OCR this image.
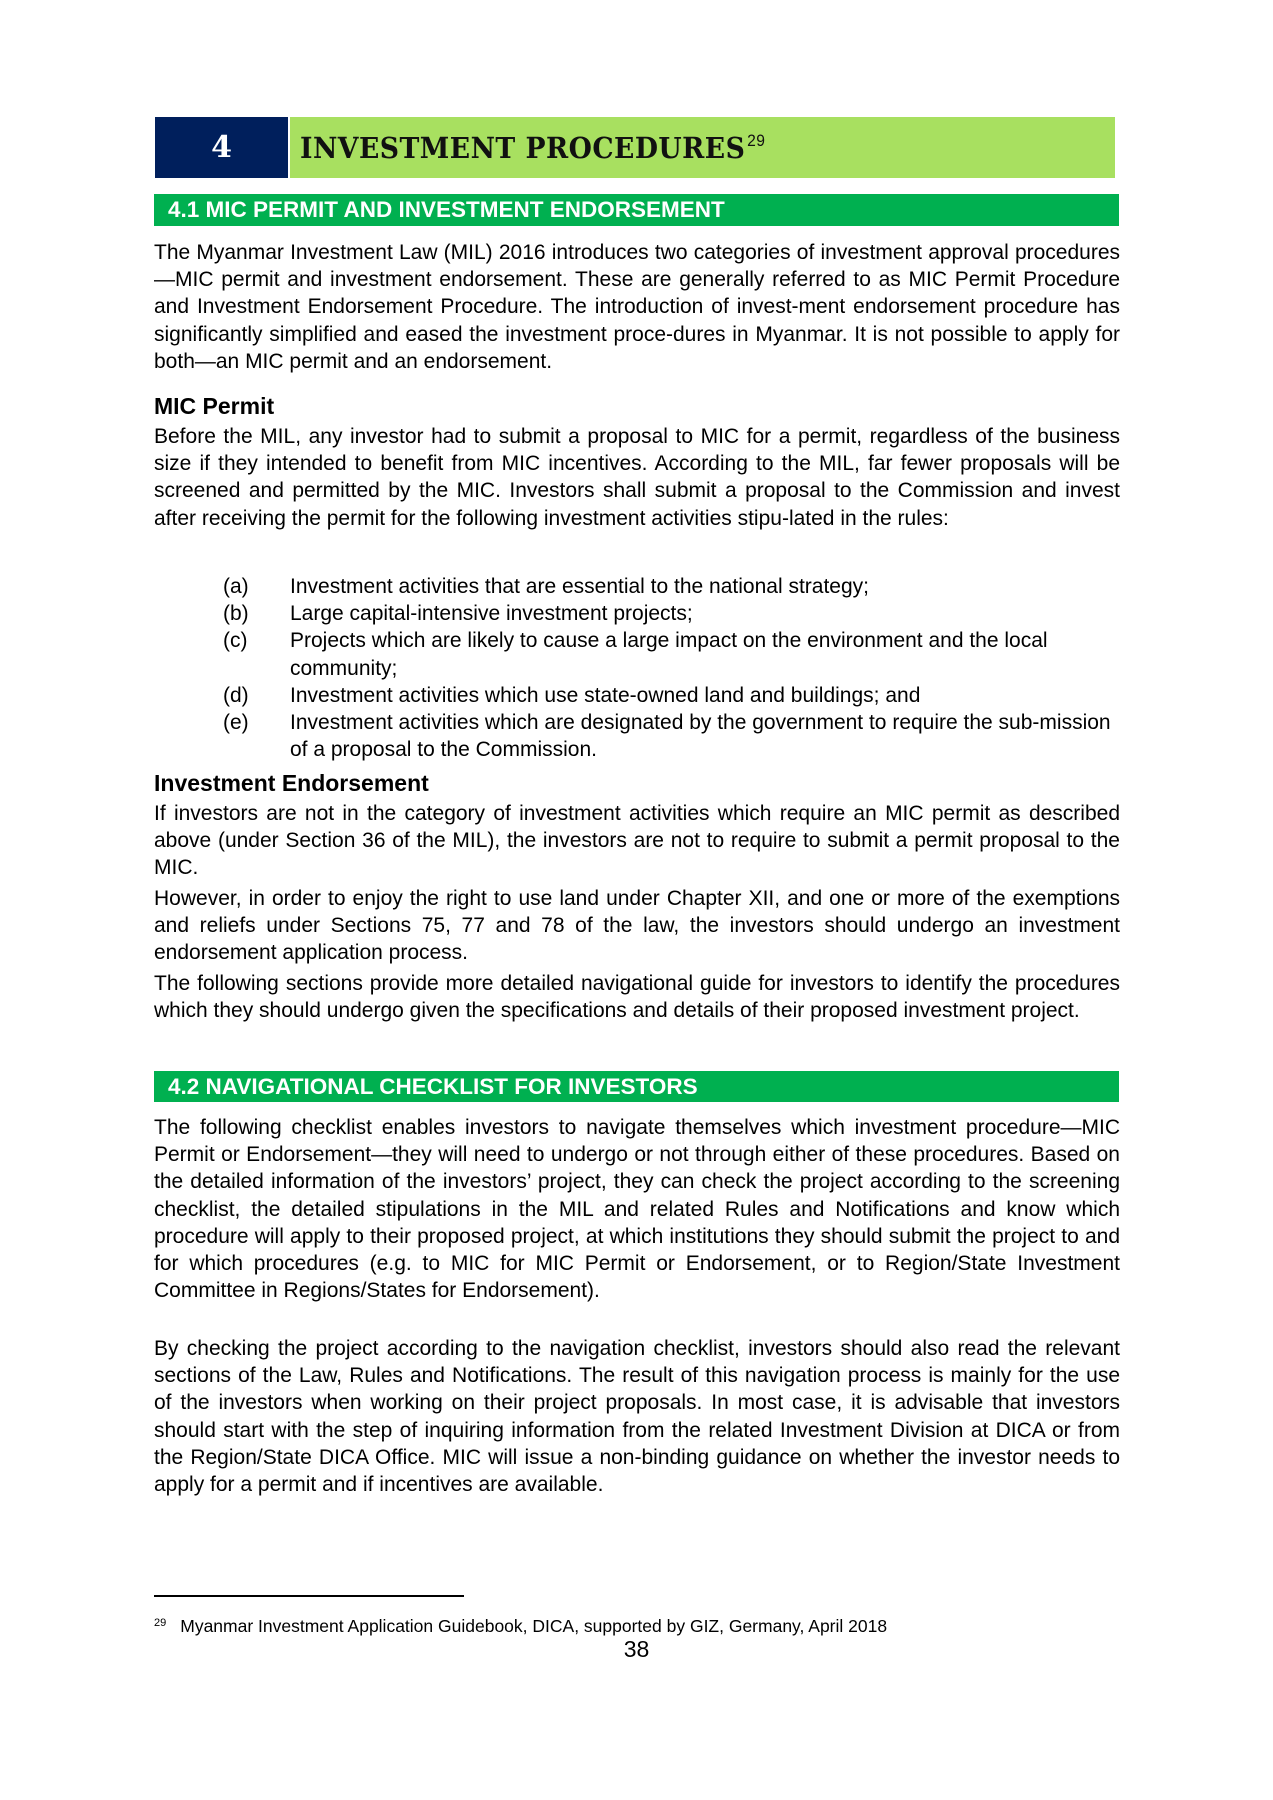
4	INVESTMENT PROCEDURES $^{29}$
4.1 MIC PERMIT AND INVESTMENT ENDORSEMENT
The Myanmar Investment Law (MIL) 2016 introduces two categories of investment approval procedures—MIC permit and investment endorsement. These are generally referred to as MIC Permit Procedure and Investment Endorsement Procedure. The introduction of invest-ment endorsement procedure has significantly simplified and eased the investment proce-dures in Myanmar. It is not possible to apply for both—an MIC permit and an endorsement.
MIC Permit
Before the MIL, any investor had to submit a proposal to MIC for a permit, regardless of the business size if they intended to benefit from MIC incentives. According to the MIL, far fewer proposals will be screened and permitted by the MIC. Investors shall submit a proposal to the Commission and invest after receiving the permit for the following investment activities stipu-lated in the rules:
(a)	Investment activities that are essential to the national strategy;
(b)	Large capital-intensive investment projects;
(c)	Projects which are likely to cause a large impact on the environment and the local community;
(d)	Investment activities which use state-owned land and buildings; and
(e)	Investment activities which are designated by the government to require the sub-mission of a proposal to the Commission.
Investment Endorsement
If investors are not in the category of investment activities which require an MIC permit as described above (under Section 36 of the MIL), the investors are not to require to submit a permit proposal to the MIC.
However, in order to enjoy the right to use land under Chapter XII, and one or more of the exemptions and reliefs under Sections 75, 77 and 78 of the law, the investors should undergo an investment endorsement application process.
The following sections provide more detailed navigational guide for investors to identify the procedures which they should undergo given the specifications and details of their proposed investment project.
4.2 NAVIGATIONAL CHECKLIST FOR INVESTORS
The following checklist enables investors to navigate themselves which investment procedure—MIC Permit or Endorsement—they will need to undergo or not through either of these procedures. Based on the detailed information of the investors’ project, they can check the project according to the screening checklist, the detailed stipulations in the MIL and related Rules and Notifications and know which procedure will apply to their proposed project, at which institutions they should submit the project to and for which procedures (e.g. to MIC for MIC Permit or Endorsement, or to Region/State Investment Committee in Regions/States for Endorsement).
By checking the project according to the navigation checklist, investors should also read the relevant sections of the Law, Rules and Notifications. The result of this navigation process is mainly for the use of the investors when working on their project proposals. In most case, it is advisable that investors should start with the step of inquiring information from the related Investment Division at DICA or from the Region/State DICA Office. MIC will issue a non-binding guidance on whether the investor needs to apply for a permit and if incentives are available.
$^{29}$ Myanmar Investment Application Guidebook, DICA, supported by GIZ, Germany, April 2018
38
